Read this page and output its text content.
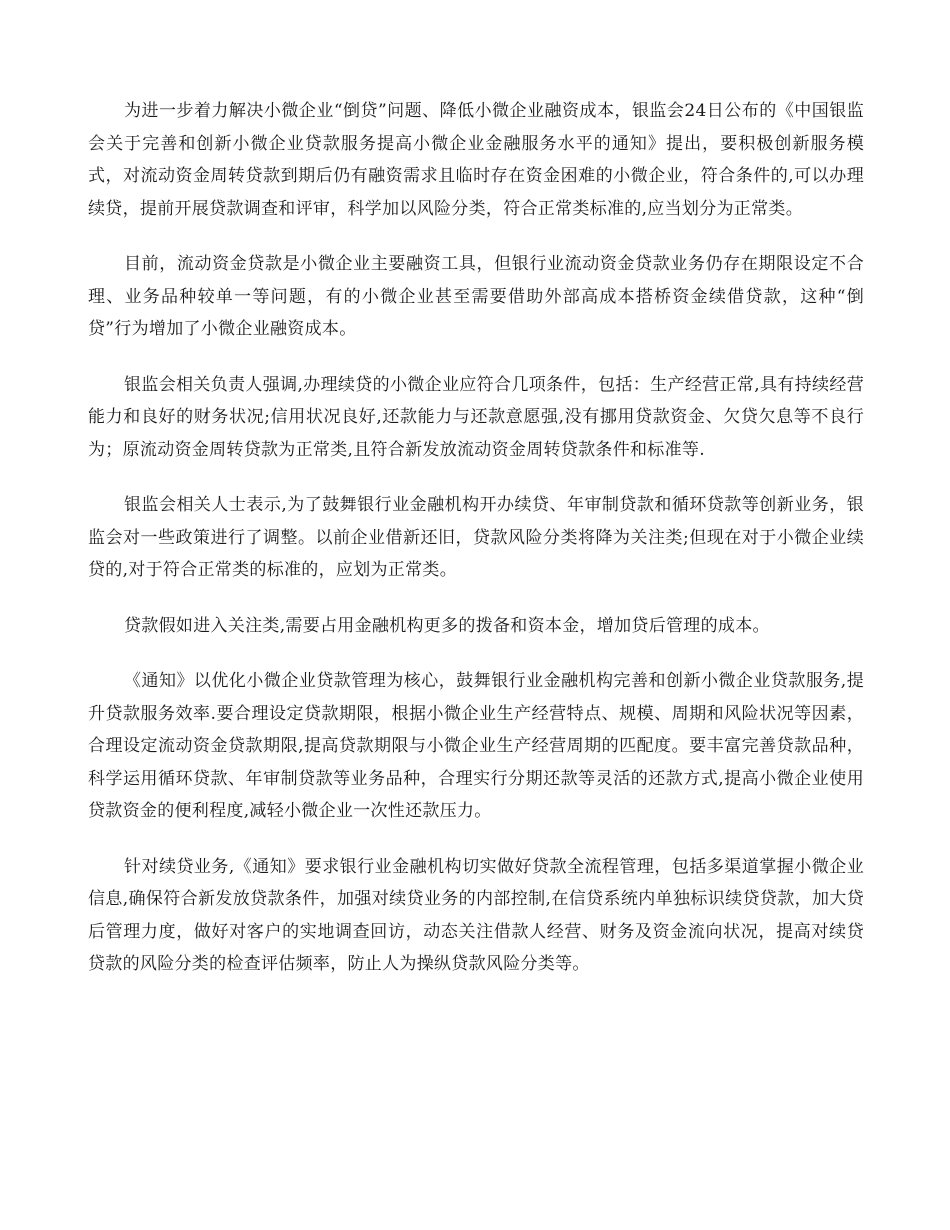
为进一步着力解决小微企业“倒贷”问题、降低小微企业融资成本，银监会24日公布的《中国银监会关于完善和创新小微企业贷款服务提高小微企业金融服务水平的通知》提出，要积极创新服务模式，对流动资金周转贷款到期后仍有融资需求且临时存在资金困难的小微企业，符合条件的,可以办理续贷，提前开展贷款调查和评审，科学加以风险分类，符合正常类标准的,应当划分为正常类。

目前，流动资金贷款是小微企业主要融资工具，但银行业流动资金贷款业务仍存在期限设定不合理、业务品种较单一等问题，有的小微企业甚至需要借助外部高成本搭桥资金续借贷款，这种“倒贷”行为增加了小微企业融资成本。

银监会相关负责人强调,办理续贷的小微企业应符合几项条件，包括：生产经营正常,具有持续经营能力和良好的财务状况;信用状况良好,还款能力与还款意愿强,没有挪用贷款资金、欠贷欠息等不良行为；原流动资金周转贷款为正常类,且符合新发放流动资金周转贷款条件和标准等.

银监会相关人士表示,为了鼓舞银行业金融机构开办续贷、年审制贷款和循环贷款等创新业务，银监会对一些政策进行了调整。以前企业借新还旧，贷款风险分类将降为关注类;但现在对于小微企业续贷的,对于符合正常类的标准的，应划为正常类。

贷款假如进入关注类,需要占用金融机构更多的拨备和资本金，增加贷后管理的成本。

《通知》以优化小微企业贷款管理为核心，鼓舞银行业金融机构完善和创新小微企业贷款服务,提升贷款服务效率.要合理设定贷款期限，根据小微企业生产经营特点、规模、周期和风险状况等因素，合理设定流动资金贷款期限,提高贷款期限与小微企业生产经营周期的匹配度。要丰富完善贷款品种，科学运用循环贷款、年审制贷款等业务品种，合理实行分期还款等灵活的还款方式,提高小微企业使用贷款资金的便利程度,减轻小微企业一次性还款压力。

针对续贷业务,《通知》要求银行业金融机构切实做好贷款全流程管理，包括多渠道掌握小微企业信息,确保符合新发放贷款条件，加强对续贷业务的内部控制,在信贷系统内单独标识续贷贷款，加大贷后管理力度，做好对客户的实地调查回访，动态关注借款人经营、财务及资金流向状况，提高对续贷贷款的风险分类的检查评估频率，防止人为操纵贷款风险分类等。
